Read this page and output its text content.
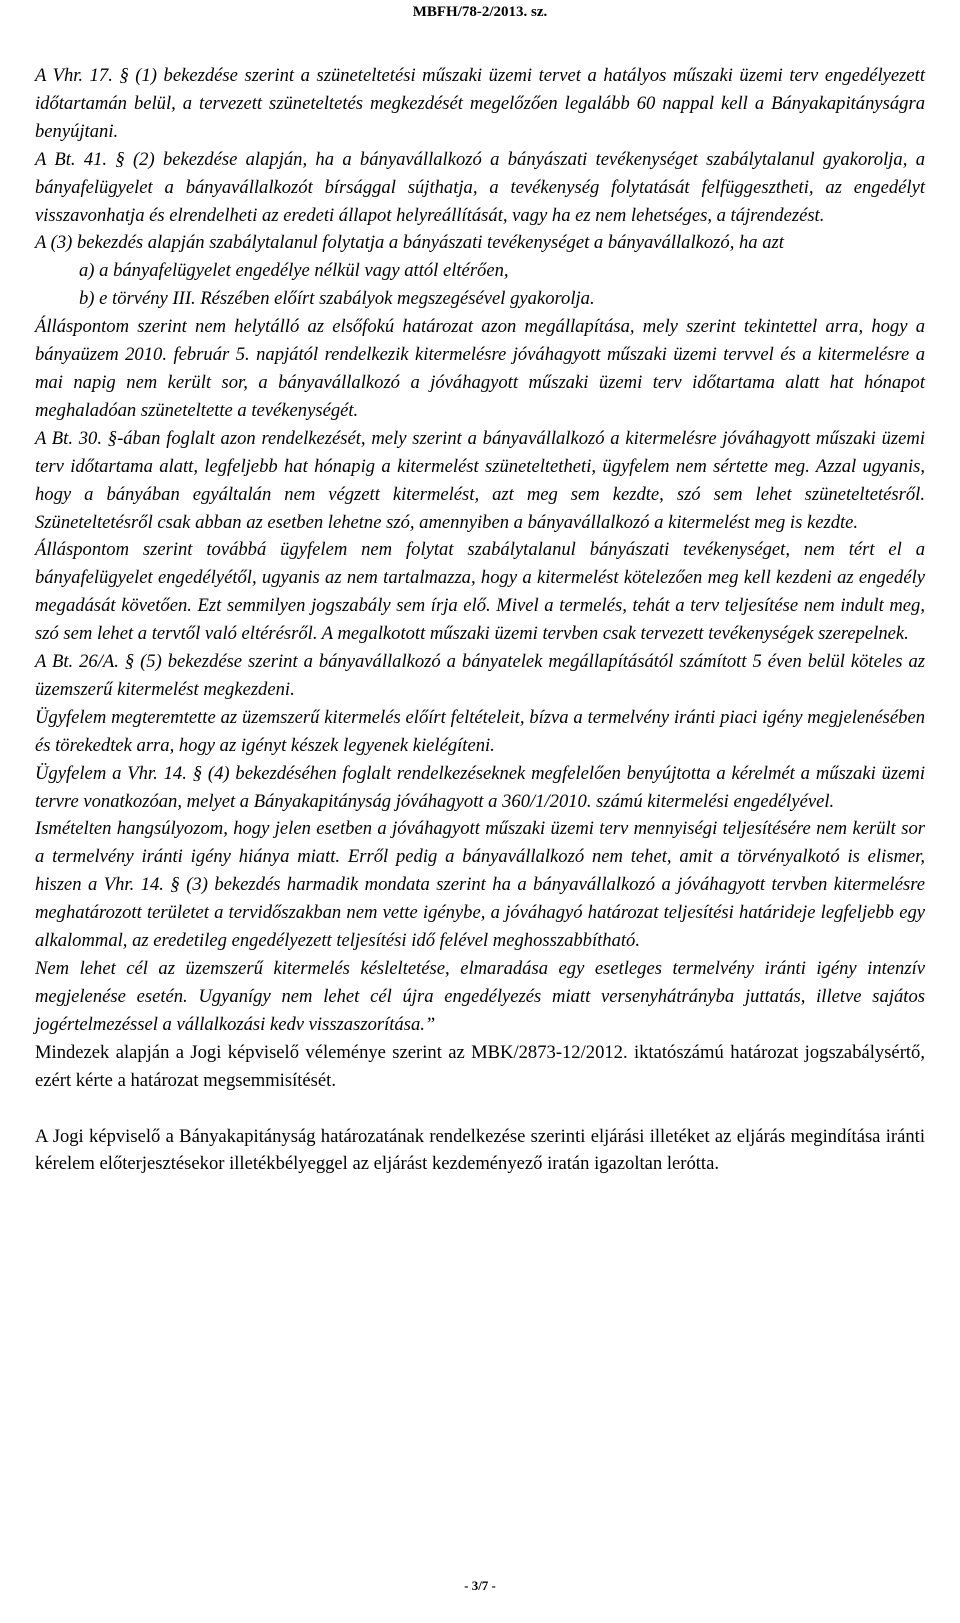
MBFH/78-2/2013. sz.

A Vhr. 17. § (1) bekezdése szerint a szüneteltetési műszaki üzemi tervet a hatályos műszaki üzemi terv engedélyezett időtartamán belül, a tervezett szüneteltetés megkezdését megelőzően legalább 60 nappal kell a Bányakapitányságra benyújtani.

A Bt. 41. § (2) bekezdése alapján, ha a bányavállalkozó a bányászati tevékenységet szabálytalanul gyakorolja, a bányafelügyelet a bányavállalkozót bírsággal sújthatja, a tevékenység folytatását felfüggesztheti, az engedélyt visszavonhatja és elrendelheti az eredeti állapot helyreállítását, vagy ha ez nem lehetséges, a tájrendezést.

A (3) bekezdés alapján szabálytalanul folytatja a bányászati tevékenységet a bányavállalkozó, ha azt

a) a bányafelügyelet engedélye nélkül vagy attól eltérően,

b) e törvény III. Részében előírt szabályok megszegésével gyakorolja.

Álláspontom szerint nem helytálló az elsőfokú határozat azon megállapítása, mely szerint tekintettel arra, hogy a bányaüzem 2010. február 5. napjától rendelkezik kitermelésre jóváhagyott műszaki üzemi tervvel és a kitermelésre a mai napig nem került sor, a bányavállalkozó a jóváhagyott műszaki üzemi terv időtartama alatt hat hónapot meghaladóan szüneteltette a tevékenységét.

A Bt. 30. §-ában foglalt azon rendelkezését, mely szerint a bányavállalkozó a kitermelésre jóváhagyott műszaki üzemi terv időtartama alatt, legfeljebb hat hónapig a kitermelést szüneteltetheti, ügyfelem nem sértette meg. Azzal ugyanis, hogy a bányában egyáltalán nem végzett kitermelést, azt meg sem kezdte, szó sem lehet szüneteltetésről. Szüneteltetésről csak abban az esetben lehetne szó, amennyiben a bányavállalkozó a kitermelést meg is kezdte.

Álláspontom szerint továbbá ügyfelem nem folytat szabálytalanul bányászati tevékenységet, nem tért el a bányafelügyelet engedélyétől, ugyanis az nem tartalmazza, hogy a kitermelést kötelezően meg kell kezdeni az engedély megadását követően. Ezt semmilyen jogszabály sem írja elő. Mivel a termelés, tehát a terv teljesítése nem indult meg, szó sem lehet a tervtől való eltérésről. A megalkotott műszaki üzemi tervben csak tervezett tevékenységek szerepelnek.

A Bt. 26/A. § (5) bekezdése szerint a bányavállalkozó a bányatelek megállapításától számított 5 éven belül köteles az üzemszerű kitermelést megkezdeni.

Ügyfelem megteremtette az üzemszerű kitermelés előírt feltételeit, bízva a termelvény iránti piaci igény megjelenésében és törekedtek arra, hogy az igényt készek legyenek kielégíteni.

Ügyfelem a Vhr. 14. § (4) bekezdéséhen foglalt rendelkezéseknek megfelelően benyújtotta a kérelmét a műszaki üzemi tervre vonatkozóan, melyet a Bányakapitányság jóváhagyott a 360/1/2010. számú kitermelési engedélyével.

Ismételten hangsúlyozom, hogy jelen esetben a jóváhagyott műszaki üzemi terv mennyiségi teljesítésére nem került sor a termelvény iránti igény hiánya miatt. Erről pedig a bányavállalkozó nem tehet, amit a törvényalkotó is elismer, hiszen a Vhr. 14. § (3) bekezdés harmadik mondata szerint ha a bányavállalkozó a jóváhagyott tervben kitermelésre meghatározott területet a tervidőszakban nem vette igénybe, a jóváhagyó határozat teljesítési határideje legfeljebb egy alkalommal, az eredetileg engedélyezett teljesítési idő felével meghosszabbítható.

Nem lehet cél az üzemszerű kitermelés késleltetése, elmaradása egy esetleges termelvény iránti igény intenzív megjelenése esetén. Ugyanígy nem lehet cél újra engedélyezés miatt versenyhátrányba juttatás, illetve sajátos jogértelmezéssel a vállalkozási kedv visszaszorítása.”

Mindezek alapján a Jogi képviselő véleménye szerint az MBK/2873-12/2012. iktatószámú határozat jogszabálysértő, ezért kérte a határozat megsemmisítését.

A Jogi képviselő a Bányakapitányság határozatának rendelkezése szerinti eljárási illetéket az eljárás megindítása iránti kérelem előterjesztésekor illetékbélyeggel az eljárást kezdeményező iratán igazoltan lerótta.

- 3/7 -
